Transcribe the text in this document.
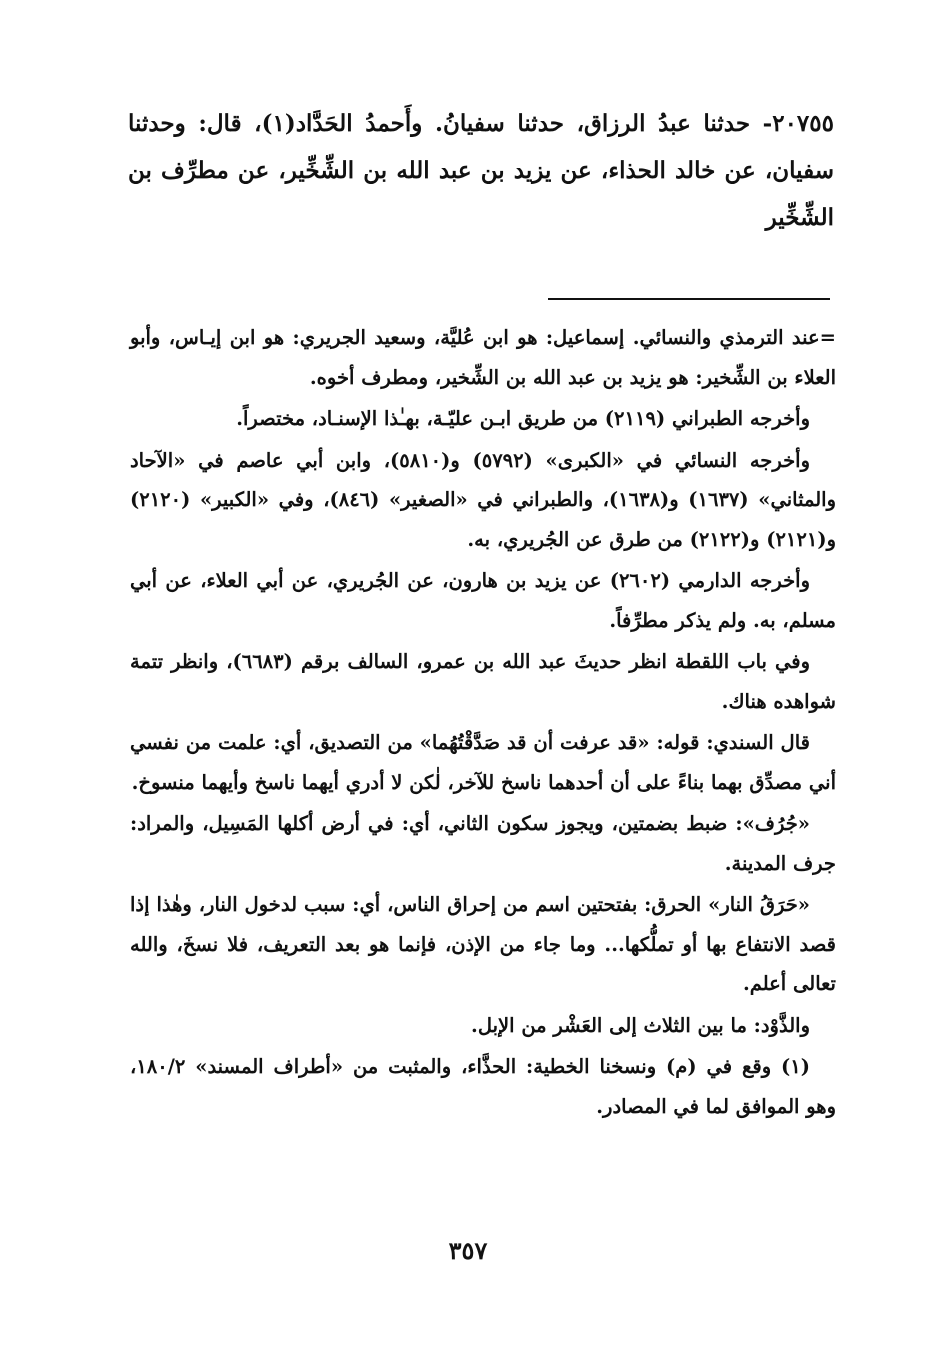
٢٠٧٥٥- حدثنا عبدُ الرزاق، حدثنا سفيانُ. وأَحمدُ الحَدَّاد(١)، قال: وحدثنا سفيان، عن خالد الحذاء، عن يزيد بن عبد الله بن الشِّخِّير، عن مطرِّف بن الشِّخِّير

=عند الترمذي والنسائي. إسماعيل: هو ابن عُليَّة، وسعيد الجريري: هو ابن إيـاس، وأبو العلاء بن الشِّخير: هو يزيد بن عبد الله بن الشِّخير، ومطرف أخوه.

وأخرجه الطبراني (٢١١٩) من طريق ابـن عليّـة، بهـٰذا الإسنـاد، مختصراً.

وأخرجه النسائي في «الكبرى» (٥٧٩٢) و(٥٨١٠)، وابن أبي عاصم في «الآحاد والمثاني» (١٦٣٧) و(١٦٣٨)، والطبراني في «الصغير» (٨٤٦)، وفي «الكبير» (٢١٢٠) و(٢١٢١) و(٢١٢٢) من طرق عن الجُريري، به.

وأخرجه الدارمي (٢٦٠٢) عن يزيد بن هارون، عن الجُريري، عن أبي العلاء، عن أبي مسلم، به. ولم يذكر مطرِّفاً.

وفي باب اللقطة انظر حديثَ عبد الله بن عمرو، السالف برقم (٦٦٨٣)، وانظر تتمة شواهده هناك.

قال السندي: قوله: «قد عرفت أن قد صَدَّقْتُهُما» من التصديق، أي: علمت من نفسي أني مصدِّق بهما بناءً على أن أحدهما ناسخ للآخر، لٰكن لا أدري أيهما ناسخ وأيهما منسوخ.

«جُرُف»: ضبط بضمتين، ويجوز سكون الثاني، أي: في أرض أكلها المَسِيل، والمراد: جرف المدينة.

«حَرَقُ النار» الحرق: بفتحتين اسم من إحراق الناس، أي: سبب لدخول النار، وهٰذا إذا قصد الانتفاع بها أو تملُّكها... وما جاء من الإذن، فإنما هو بعد التعريف، فلا نسخَ، والله تعالى أعلم.

والذَّوْد: ما بين الثلاث إلى العَشْر من الإبل.

(١) وقع في (م) ونسخنا الخطية: الحذَّاء، والمثبت من «أطراف المسند» ١٨٠/٢، وهو الموافق لما في المصادر.

٣٥٧
